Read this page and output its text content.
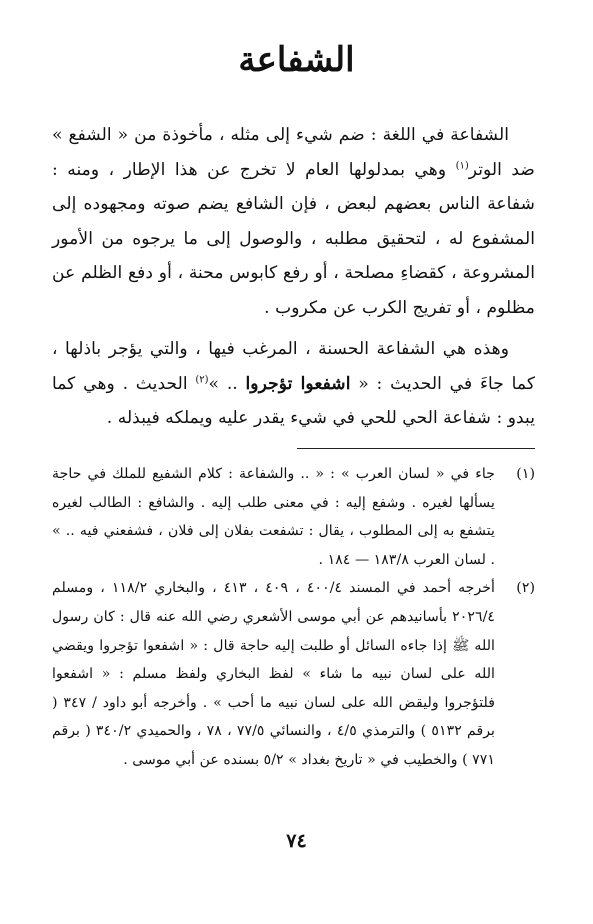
الشفاعة

الشفاعة في اللغة : ضم شيء إلى مثله ، مأخوذة من « الشفع » ضد الوتر$^{(١)}$ وهي بمدلولها العام لا تخرج عن هذا الإطار ، ومنه : شفاعة الناس بعضهم لبعض ، فإن الشافع يضم صوته ومجهوده إلى المشفوع له ، لتحقيق مطلبه ، والوصول إلى ما يرجوه من الأمور المشروعة ، كقضاءِ مصلحة ، أو رفع كابوس محنة ، أو دفع الظلم عن مظلوم ، أو تفريج الكرب عن مكروب .

وهذه هي الشفاعة الحسنة ، المرغب فيها ، والتي يؤجر باذلها ، كما جاءَ في الحديث : « اشفعوا تؤجروا .. »$^{(٢)}$ الحديث . وهي كما يبدو : شفاعة الحي للحي في شيء يقدر عليه ويملكه فيبذله .

(١)
جاء في « لسان العرب » : « .. والشفاعة : كلام الشفيع للملك في حاجة يسألها لغيره . وشفع إليه : في معنى طلب إليه . والشافع : الطالب لغيره يتشفع به إلى المطلوب ، يقال : تشفعت بفلان إلى فلان ، فشفعني فيه .. » . لسان العرب ١٨٣/٨ — ١٨٤ .
(٢)
أخرجه أحمد في المسند ٤٠٠/٤ ، ٤٠٩ ، ٤١٣ ، والبخاري ١١٨/٢ ، ومسلم ٢٠٢٦/٤ بأسانيدهم عن أبي موسى الأشعري رضي الله عنه قال : كان رسول الله ﷺ إذا جاءه السائل أو طلبت إليه حاجة قال : « اشفعوا تؤجروا ويقضي الله على لسان نبيه ما شاء » لفظ البخاري ولفظ مسلم : « اشفعوا فلتؤجروا وليقض الله على لسان نبيه ما أحب » . وأخرجه أبو داود / ٣٤٧ ( برقم ٥١٣٢ ) والترمذي ٤/٥ ، والنسائي ٧٧/٥ ، ٧٨ ، والحميدي ٣٤٠/٢ ( برقم ٧٧١ ) والخطيب في « تاريخ بغداد » ٥/٢ بسنده عن أبي موسى .
٧٤
